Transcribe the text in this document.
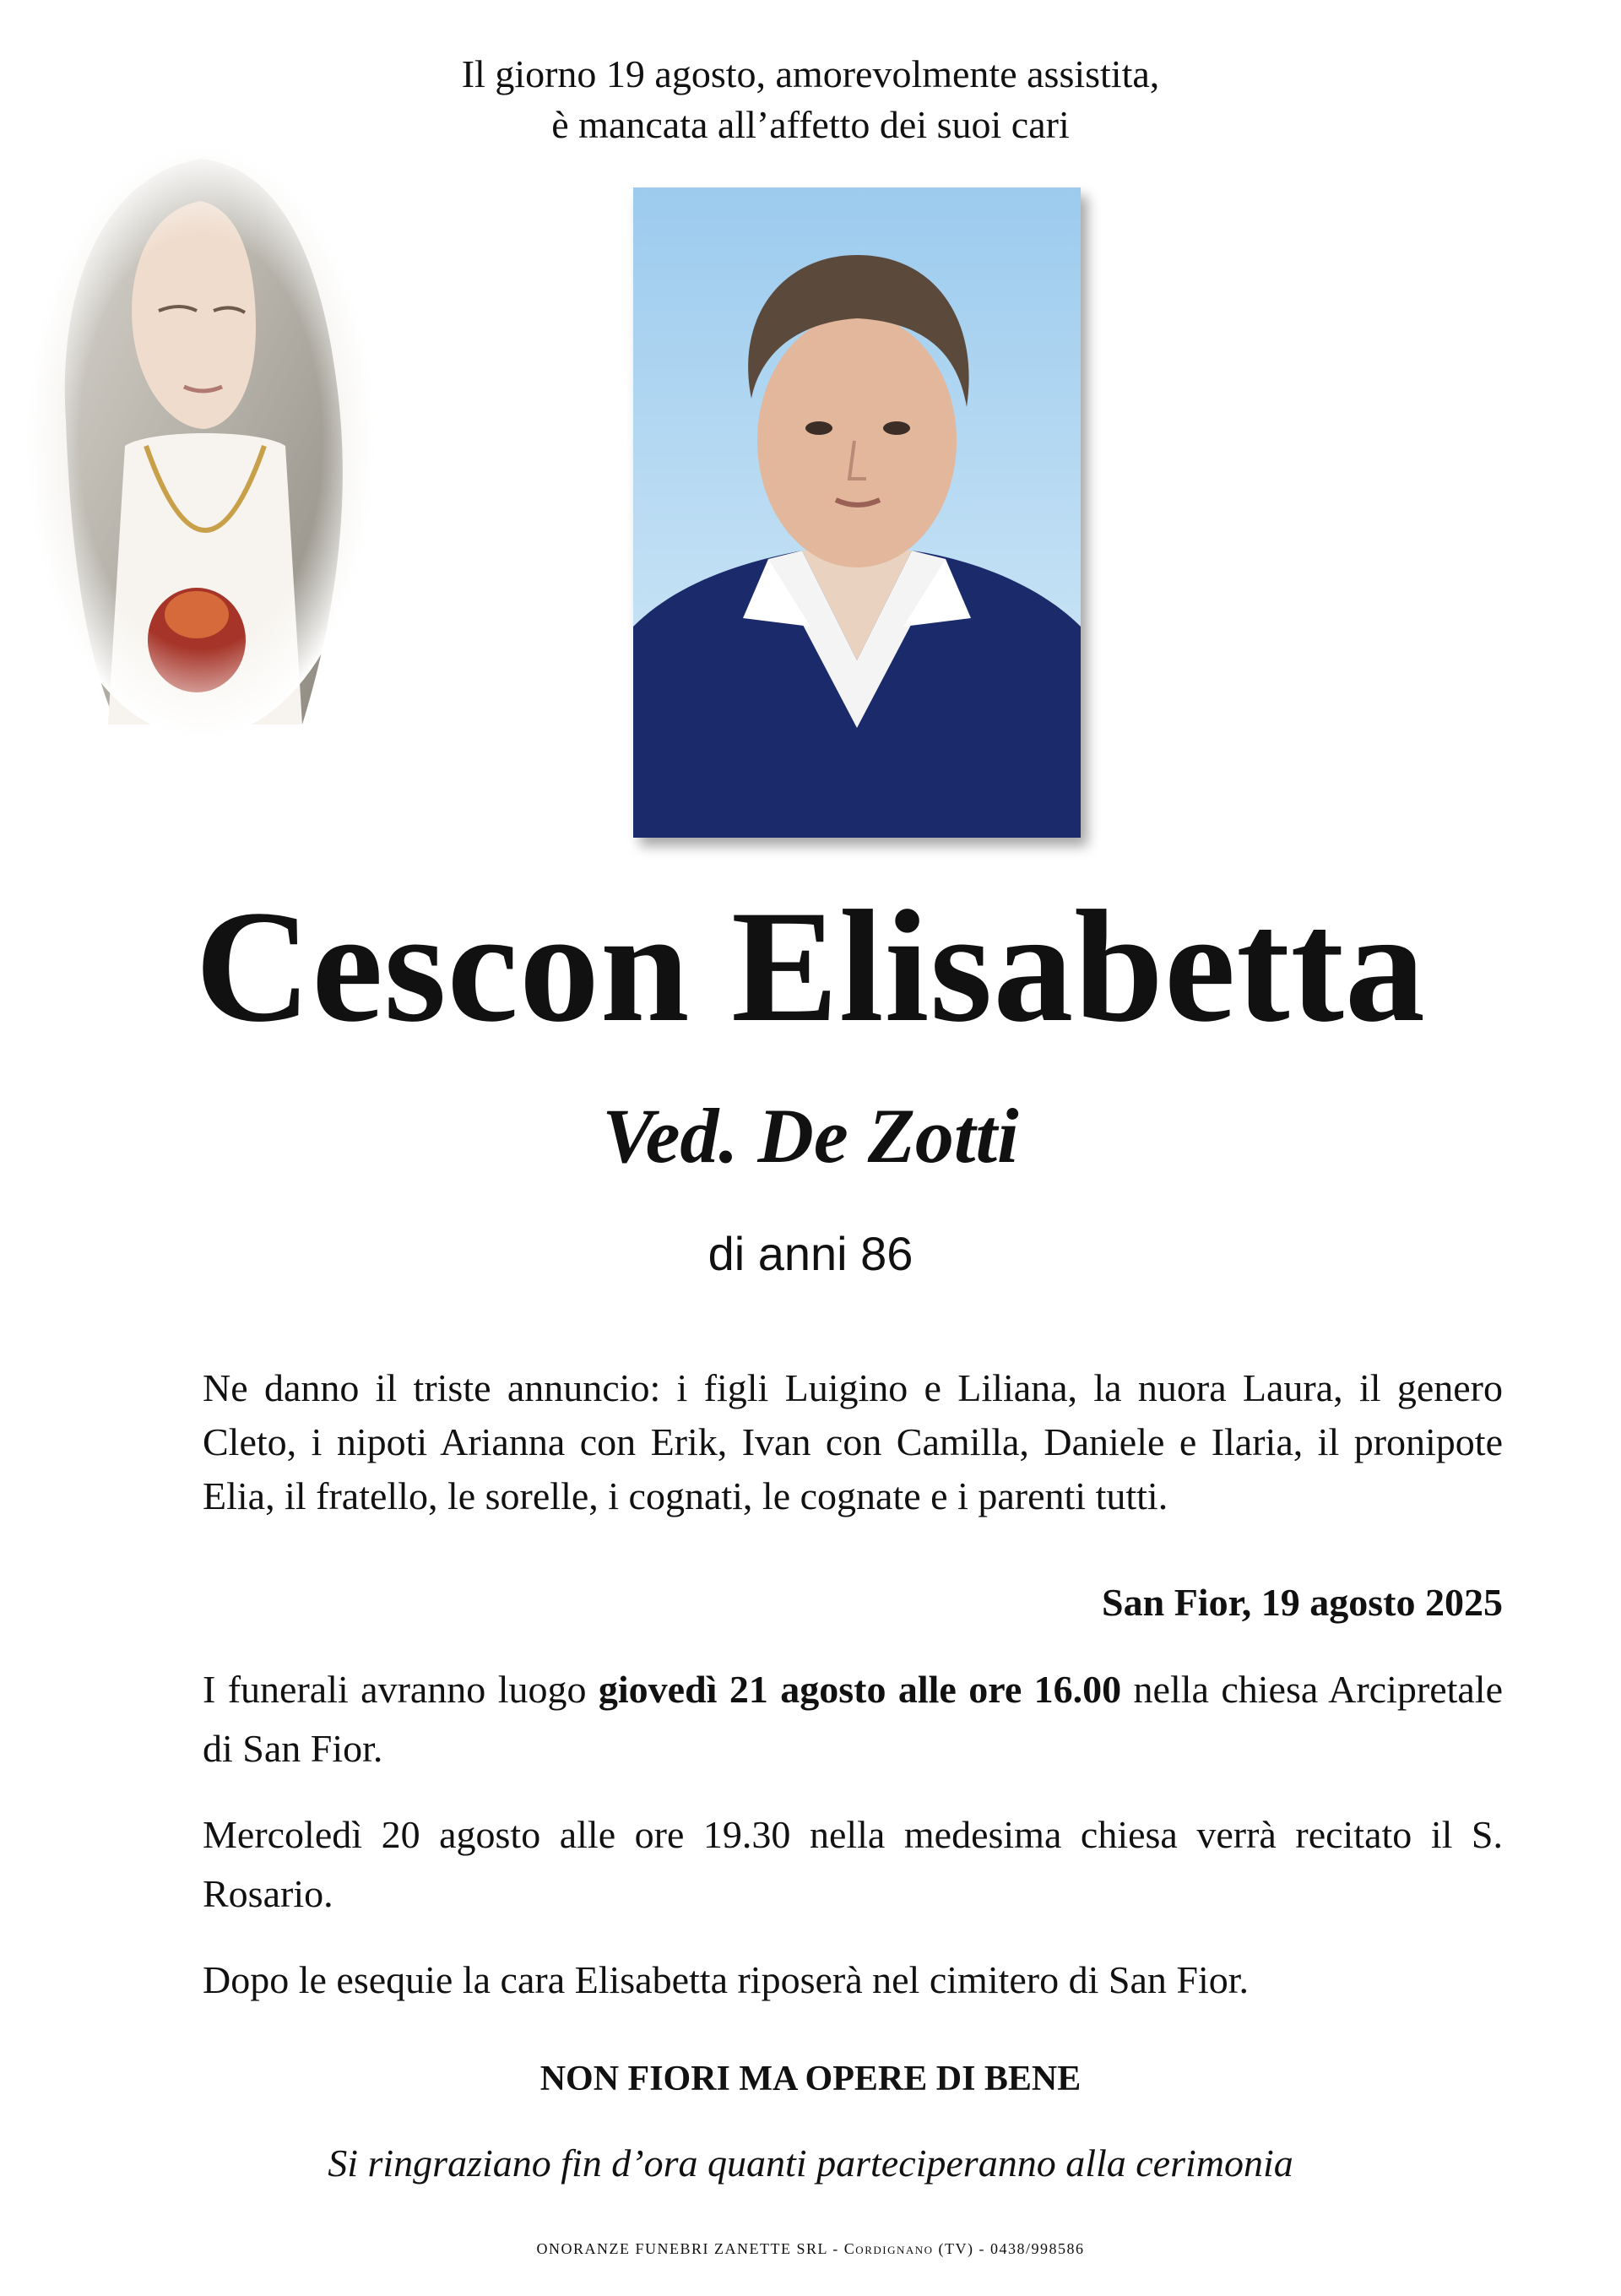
Il giorno 19 agosto, amorevolmente assistita,
è mancata all’affetto dei suoi cari
Cescon Elisabetta
Ved. De Zotti
di anni 86
Ne danno il triste annuncio: i figli Luigino e Liliana, la nuora Laura, il genero Cleto, i nipoti Arianna con Erik, Ivan con Camilla, Daniele e Ilaria, il pronipote Elia, il fratello, le sorelle, i cognati, le cognate e i parenti tutti.
San Fior, 19 agosto 2025
I funerali avranno luogo giovedì 21 agosto alle ore 16.00 nella chiesa Arcipretale di San Fior.
Mercoledì 20 agosto alle ore 19.30 nella medesima chiesa verrà recitato il S. Rosario.
Dopo le esequie la cara Elisabetta riposerà nel cimitero di San Fior.
NON FIORI MA OPERE DI BENE
Si ringraziano fin d’ora quanti parteciperanno alla cerimonia
ONORANZE FUNEBRI ZANETTE SRL - Cordignano (TV) - 0438/998586
